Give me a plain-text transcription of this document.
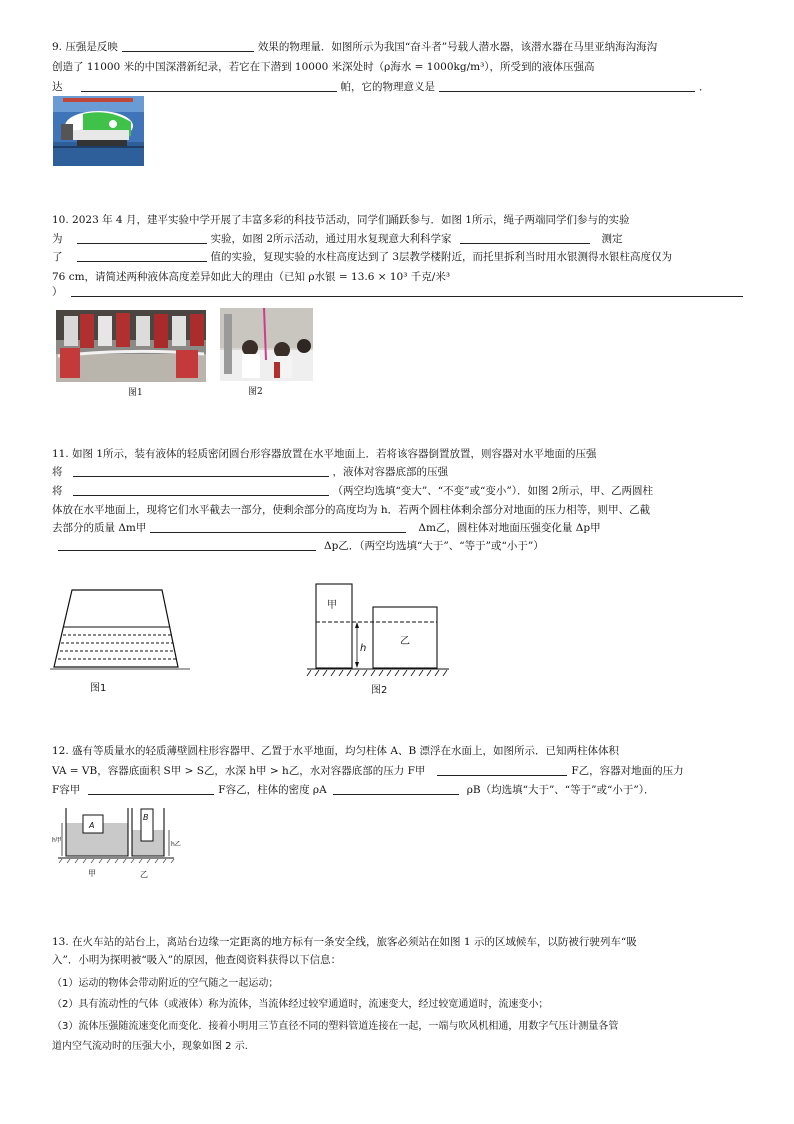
9. 压强是反映	效果的物理量．如图所示为我国“奋斗者”号载人潜水器，该潜水器在马里亚纳海沟海沟
创造了 11000 米的中国深潜新纪录，若它在下潜到 10000 米深处时（ρ海水 = 1000kg/m³），所受到的液体压强高
达	帕，它的物理意义是	．
10. 2023 年 4 月，建平实验中学开展了丰富多彩的科技节活动，同学们踊跃参与．如图 1所示，绳子两端同学们参与的实验
为	实验，如图 2所示活动，通过用水复现意大利科学家	测定
了	值的实验，复现实验的水柱高度达到了 3层教学楼附近，而托里拆利当时用水银测得水银柱高度仅为
76 cm，请简述两种液体高度差异如此大的理由（已知 ρ水银 = 13.6 × 10³ 千克/米³
）
图1	图2
11. 如图 1所示，装有液体的轻质密闭圆台形容器放置在水平地面上．若将该容器倒置放置，则容器对水平地面的压强
将	，液体对容器底部的压强
将	（两空均选填“变大”、“不变”或“变小”）．如图 2所示，甲、乙两圆柱
体放在水平地面上，现将它们水平截去一部分，使剩余部分的高度均为 h．若两个圆柱体剩余部分对地面的压力相等，则甲、乙截
去部分的质量 Δm甲	Δm乙，圆柱体对地面压强变化量 Δp甲
Δp乙．（两空均选填“大于”、“等于”或“小于”）
图1
h
甲
乙
图2
12. 盛有等质量水的轻质薄壁圆柱形容器甲、乙置于水平地面，均匀柱体 A、B 漂浮在水面上，如图所示．已知两柱体体积
VA = VB，容器底面积 S甲 > S乙，水深 h甲 > h乙，水对容器底部的压力 F甲	F乙，容器对地面的压力
F容甲	F容乙，柱体的密度 ρA	ρB（均选填“大于”、“等于”或“小于”）．
A
h甲
B
h乙
甲	乙
13. 在火车站的站台上，离站台边缘一定距离的地方标有一条安全线，旅客必须站在如图 1 示的区域候车，以防被行驶列车“吸
入”．小明为探明被“吸入”的原因，他查阅资料获得以下信息：
（1）运动的物体会带动附近的空气随之一起运动；
（2）具有流动性的气体（或液体）称为流体，当流体经过较窄通道时，流速变大，经过较宽通道时，流速变小；
（3）流体压强随流速变化而变化．接着小明用三节直径不同的塑料管道连接在一起，一端与吹风机相通，用数字气压计测量各管
道内空气流动时的压强大小，现象如图 2 示.
